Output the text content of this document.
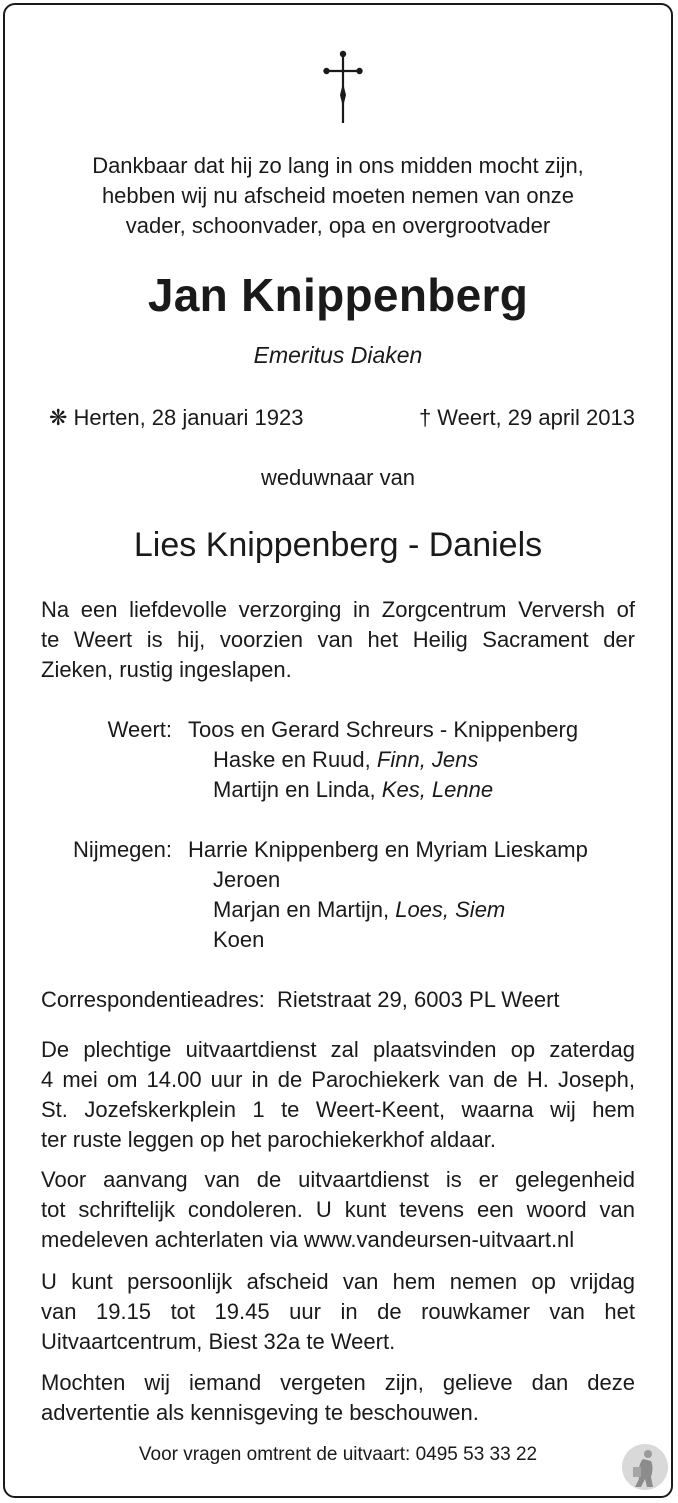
Dankbaar dat hij zo lang in ons midden mocht zijn,
hebben wij nu afscheid moeten nemen van onze
vader, schoonvader, opa en overgrootvader
Jan Knippenberg
Emeritus Diaken
❋ Herten, 28 januari 1923	† Weert, 29 april 2013
weduwnaar van
Lies Knippenberg - Daniels
Na een liefdevolle verzorging in Zorgcentrum Verversh of
te Weert is hij, voorzien van het Heilig Sacrament der
Zieken, rustig ingeslapen.
Weert: Toos en Gerard Schreurs - Knippenberg
Haske en Ruud, Finn, Jens
Martijn en Linda, Kes, Lenne
Nijmegen: Harrie Knippenberg en Myriam Lieskamp
Jeroen
Marjan en Martijn, Loes, Siem
Koen
Correspondentieadres:  Rietstraat 29, 6003 PL Weert
De plechtige uitvaartdienst zal plaatsvinden op zaterdag
4 mei om 14.00 uur in de Parochiekerk van de H. Joseph,
St. Jozefskerkplein 1 te Weert-Keent, waarna wij hem
ter ruste leggen op het parochiekerkhof aldaar.
Voor aanvang van de uitvaartdienst is er gelegenheid
tot schriftelijk condoleren. U kunt tevens een woord van
medeleven achterlaten via www.vandeursen-uitvaart.nl
U kunt persoonlijk afscheid van hem nemen op vrijdag
van 19.15 tot 19.45 uur in de rouwkamer van het
Uitvaartcentrum, Biest 32a te Weert.
Mochten wij iemand vergeten zijn, gelieve dan deze
advertentie als kennisgeving te beschouwen.
Voor vragen omtrent de uitvaart: 0495 53 33 22
